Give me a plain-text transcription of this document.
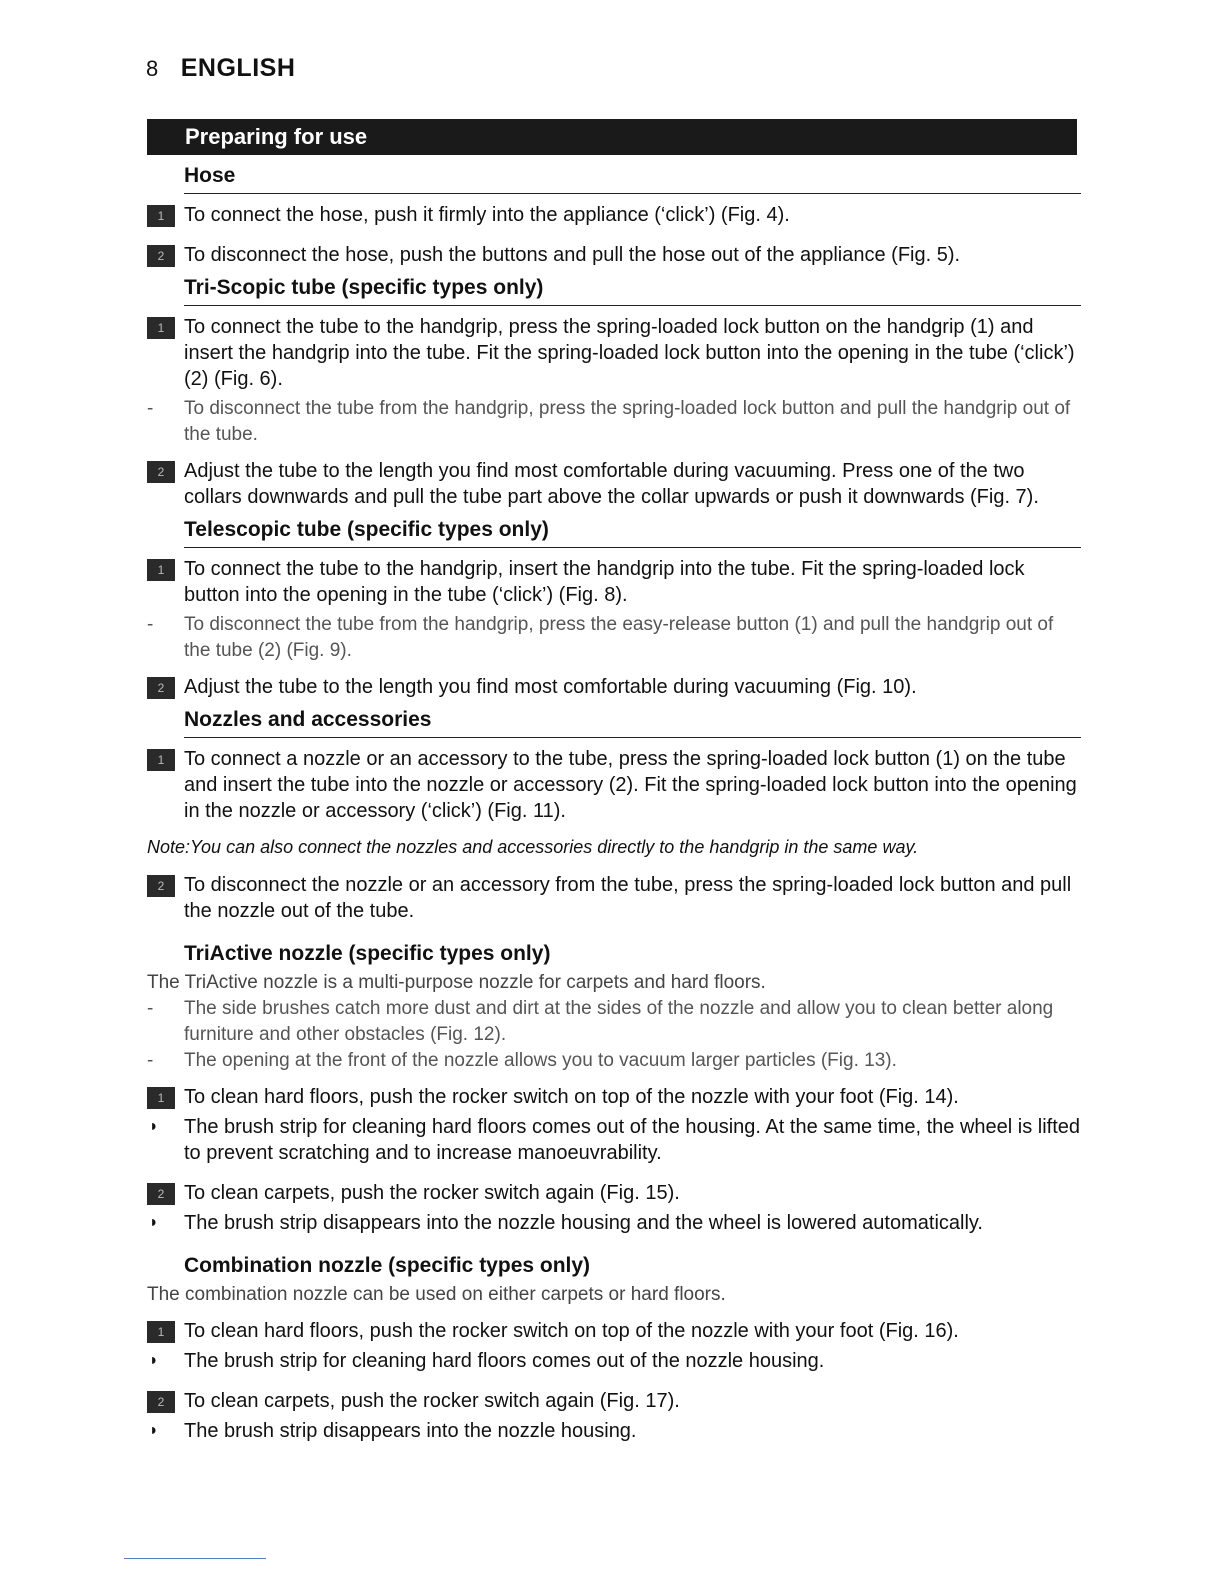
8 ENGLISH
Preparing for use
Hose
1 To connect the hose, push it firmly into the appliance (‘click’) (Fig. 4).
2 To disconnect the hose, push the buttons and pull the hose out of the appliance (Fig. 5).
Tri-Scopic tube (specific types only)
1 To connect the tube to the handgrip, press the spring-loaded lock button on the handgrip (1) and insert the handgrip into the tube. Fit the spring-loaded lock button into the opening in the tube (‘click’) (2) (Fig. 6).
- To disconnect the tube from the handgrip, press the spring-loaded lock button and pull the handgrip out of the tube.
2 Adjust the tube to the length you find most comfortable during vacuuming. Press one of the two collars downwards and pull the tube part above the collar upwards or push it downwards (Fig. 7).
Telescopic tube (specific types only)
1 To connect the tube to the handgrip, insert the handgrip into the tube. Fit the spring-loaded lock button into the opening in the tube (‘click’) (Fig. 8).
- To disconnect the tube from the handgrip, press the easy-release button (1) and pull the handgrip out of the tube (2) (Fig. 9).
2 Adjust the tube to the length you find most comfortable during vacuuming (Fig. 10).
Nozzles and accessories
1 To connect a nozzle or an accessory to the tube, press the spring-loaded lock button (1) on the tube and insert the tube into the nozzle or accessory (2). Fit the spring-loaded lock button into the opening in the nozzle or accessory (‘click’) (Fig. 11).
Note:You can also connect the nozzles and accessories directly to the handgrip in the same way.
2 To disconnect the nozzle or an accessory from the tube, press the spring-loaded lock button and pull the nozzle out of the tube.
TriActive nozzle (specific types only)
The TriActive nozzle is a multi-purpose nozzle for carpets and hard floors.
- The side brushes catch more dust and dirt at the sides of the nozzle and allow you to clean better along furniture and other obstacles (Fig. 12).
- The opening at the front of the nozzle allows you to vacuum larger particles (Fig. 13).
1 To clean hard floors, push the rocker switch on top of the nozzle with your foot (Fig. 14).
◗ The brush strip for cleaning hard floors comes out of the housing. At the same time, the wheel is lifted to prevent scratching and to increase manoeuvrability.
2 To clean carpets, push the rocker switch again (Fig. 15).
◗ The brush strip disappears into the nozzle housing and the wheel is lowered automatically.
Combination nozzle (specific types only)
The combination nozzle can be used on either carpets or hard floors.
1 To clean hard floors, push the rocker switch on top of the nozzle with your foot (Fig. 16).
◗ The brush strip for cleaning hard floors comes out of the nozzle housing.
2 To clean carpets, push the rocker switch again (Fig. 17).
◗ The brush strip disappears into the nozzle housing.
